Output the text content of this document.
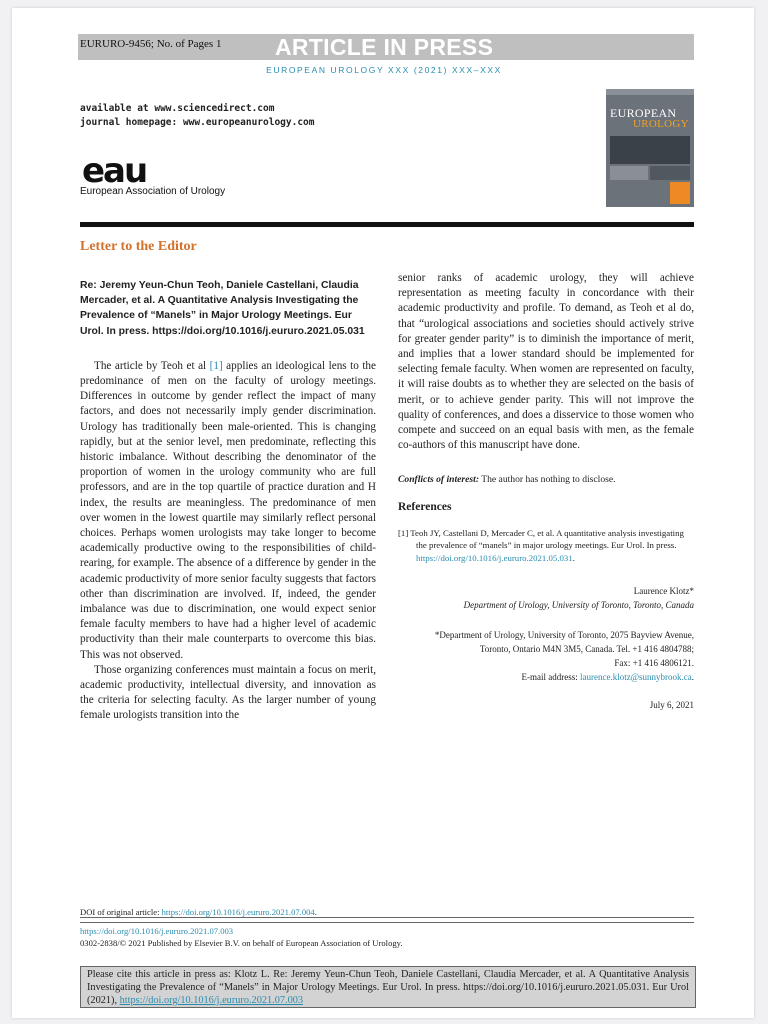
EURURO-9456; No. of Pages 1 ARTICLE IN PRESS
EUROPEAN UROLOGY XXX (2021) XXX–XXX
available at www.sciencedirect.com
journal homepage: www.europeanurology.com
eau
European Association of Urology
EUROPEAN
UROLOGY
Letter to the Editor
Re: Jeremy Yeun-Chun Teoh, Daniele Castellani, Claudia Mercader, et al. A Quantitative Analysis Investigating the Prevalence of “Manels” in Major Urology Meetings. Eur Urol. In press. https://doi.org/10.1016/j.eururo.2021.05.031

The article by Teoh et al [1] applies an ideological lens to the predominance of men on the faculty of urology meetings. Differences in outcome by gender reflect the impact of many factors, and does not necessarily imply gender discrimination. Urology has traditionally been male-oriented. This is changing rapidly, but at the senior level, men predominate, reflecting this historic imbalance. Without describing the denominator of the proportion of women in the urology community who are full professors, and are in the top quartile of practice duration and H index, the results are meaningless. The predominance of men over women in the lowest quartile may similarly reflect personal choices. Perhaps women urologists may take longer to become academically productive owing to the responsibilities of child-rearing, for example. The absence of a difference by gender in the academic productivity of more senior faculty suggests that factors other than discrimination are involved. If, indeed, the gender imbalance was due to discrimination, one would expect senior female faculty members to have had a higher level of academic productivity than their male counterparts to overcome this bias. This was not observed.

Those organizing conferences must maintain a focus on merit, academic productivity, intellectual diversity, and innovation as the criteria for selecting faculty. As the larger number of young female urologists transition into the

senior ranks of academic urology, they will achieve representation as meeting faculty in concordance with their academic productivity and profile. To demand, as Teoh et al do, that “urological associations and societies should actively strive for greater gender parity” is to diminish the importance of merit, and implies that a lower standard should be implemented for selecting female faculty. When women are represented on faculty, it will raise doubts as to whether they are selected on the basis of merit, or to achieve gender parity. This will not improve the quality of conferences, and does a disservice to those women who compete and succeed on an equal basis with men, as the female co-authors of this manuscript have done.

Conflicts of interest: The author has nothing to disclose.
References
[1] Teoh JY, Castellani D, Mercader C, et al. A quantitative analysis investigating the prevalence of “manels” in major urology meetings. Eur Urol. In press. https://doi.org/10.1016/j.eururo.2021.05.031.
Laurence Klotz*
Department of Urology, University of Toronto, Toronto, Canada
*Department of Urology, University of Toronto, 2075 Bayview Avenue,
Toronto, Ontario M4N 3M5, Canada. Tel. +1 416 4804788;
Fax: +1 416 4806121.
E-mail address: laurence.klotz@sunnybrook.ca.
July 6, 2021
DOI of original article: https://doi.org/10.1016/j.eururo.2021.07.004.
https://doi.org/10.1016/j.eururo.2021.07.003
0302-2838/© 2021 Published by Elsevier B.V. on behalf of European Association of Urology.
Please cite this article in press as: Klotz L. Re: Jeremy Yeun-Chun Teoh, Daniele Castellani, Claudia Mercader, et al. A Quantitative Analysis Investigating the Prevalence of “Manels” in Major Urology Meetings. Eur Urol. In press. https://doi.org/10.1016/j.eururo.2021.05.031. Eur Urol (2021), https://doi.org/10.1016/j.eururo.2021.07.003
